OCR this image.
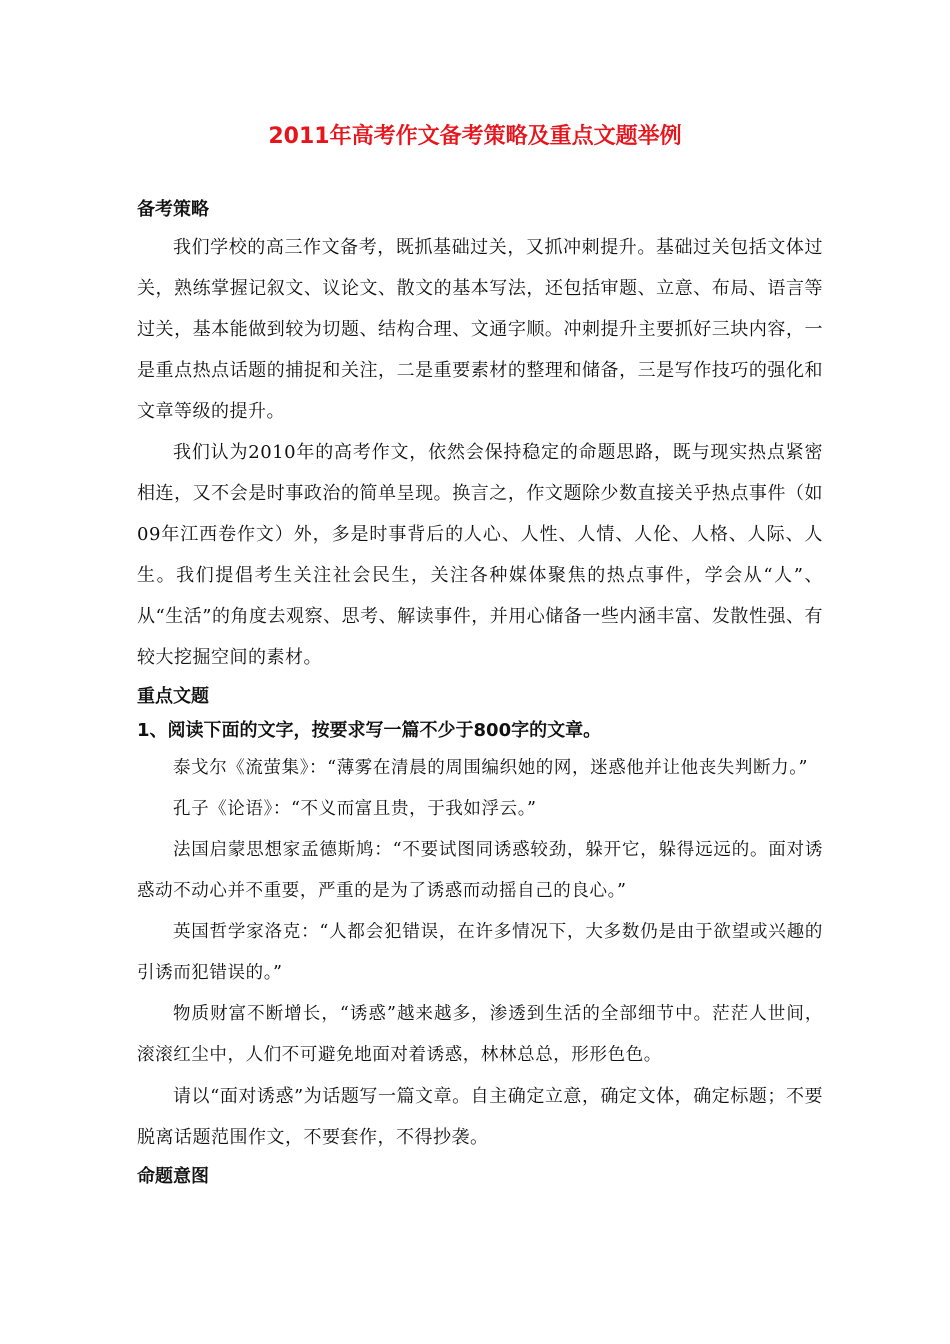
2011年高考作文备考策略及重点文题举例
备考策略

我们学校的高三作文备考，既抓基础过关，又抓冲刺提升。基础过关包括文体过关，熟练掌握记叙文、议论文、散文的基本写法，还包括审题、立意、布局、语言等过关，基本能做到较为切题、结构合理、文通字顺。冲刺提升主要抓好三块内容，一是重点热点话题的捕捉和关注，二是重要素材的整理和储备，三是写作技巧的强化和文章等级的提升。

我们认为2010年的高考作文，依然会保持稳定的命题思路，既与现实热点紧密相连，又不会是时事政治的简单呈现。换言之，作文题除少数直接关乎热点事件（如09年江西卷作文）外，多是时事背后的人心、人性、人情、人伦、人格、人际、人生。我们提倡考生关注社会民生，关注各种媒体聚焦的热点事件，学会从“人”、从“生活”的角度去观察、思考、解读事件，并用心储备一些内涵丰富、发散性强、有较大挖掘空间的素材。

重点文题
1、阅读下面的文字，按要求写一篇不少于800字的文章。

泰戈尔《流萤集》：“薄雾在清晨的周围编织她的网，迷惑他并让他丧失判断力。”

孔子《论语》：“不义而富且贵，于我如浮云。”

法国启蒙思想家孟德斯鸠：“不要试图同诱惑较劲，躲开它，躲得远远的。面对诱惑动不动心并不重要，严重的是为了诱惑而动摇自己的良心。”

英国哲学家洛克：“人都会犯错误，在许多情况下，大多数仍是由于欲望或兴趣的引诱而犯错误的。”

物质财富不断增长，“诱惑”越来越多，渗透到生活的全部细节中。茫茫人世间，滚滚红尘中，人们不可避免地面对着诱惑，林林总总，形形色色。

请以“面对诱惑”为话题写一篇文章。自主确定立意，确定文体，确定标题；不要脱离话题范围作文，不要套作，不得抄袭。

命题意图
